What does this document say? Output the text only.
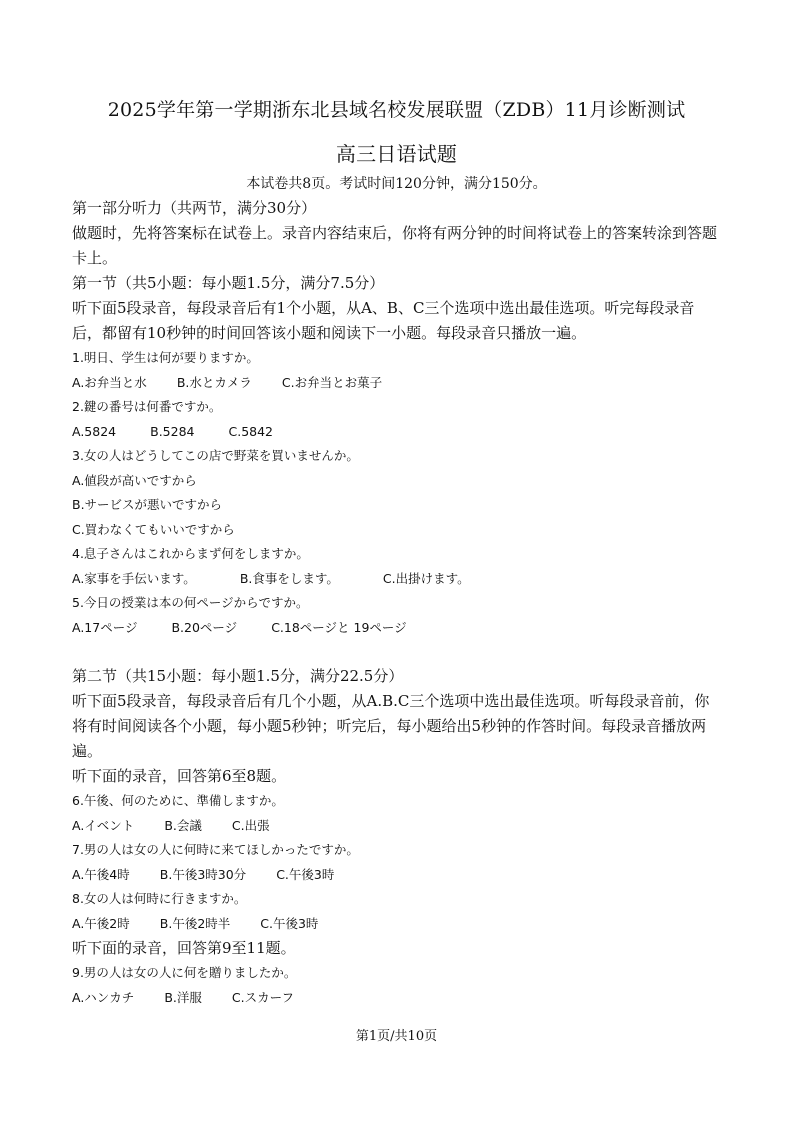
2025学年第一学期浙东北县域名校发展联盟（ZDB）11月诊断测试
高三日语试题
本试卷共8页。考试时间120分钟，满分150分。

第一部分听力（共两节，满分30分）

做题时，先将答案标在试卷上。录音内容结束后，你将有两分钟的时间将试卷上的答案转涂到答题卡上。

第一节（共5小题：每小题1.5分，满分7.5分）

听下面5段录音，每段录音后有1个小题，从A、B、C三个选项中选出最佳选项。听完每段录音后，都留有10秒钟的时间回答该小题和阅读下一小题。每段录音只播放一遍。

1.明日、学生は何が要りますか。

A.お弁当と水 B.水とカメラ C.お弁当とお菓子

2.鍵の番号は何番ですか。

A.5824	B.5284	C.5842

3.女の人はどうしてこの店で野菜を買いませんか。

A.値段が高いですから

B.サービスが悪いですから

C.買わなくてもいいですから

4.息子さんはこれからまず何をしますか。

A.家事を手伝います。	B.食事をします。	C.出掛けます。

5.今日の授業は本の何ページからですか。

A.17ページ	B.20ページ	C.18ページと 19ページ

第二节（共15小题：每小题1.5分，满分22.5分）

听下面5段录音，每段录音后有几个小题，从A.B.C三个选项中选出最佳选项。听每段录音前，你将有时间阅读各个小题，每小题5秒钟；听完后，每小题给出5秒钟的作答时间。每段录音播放两遍。

听下面的录音，回答第6至8题。

6.午後、何のために、準備しますか。

A.イベント B.会議 C.出張

7.男の人は女の人に何時に来てほしかったですか。

A.午後4時 B.午後3時30分 C.午後3時

8.女の人は何時に行きますか。

A.午後2時 B.午後2時半 C.午後3時

听下面的录音，回答第9至11题。

9.男の人は女の人に何を贈りましたか。

A.ハンカチ B.洋服 C.スカーフ

第1页/共10页
